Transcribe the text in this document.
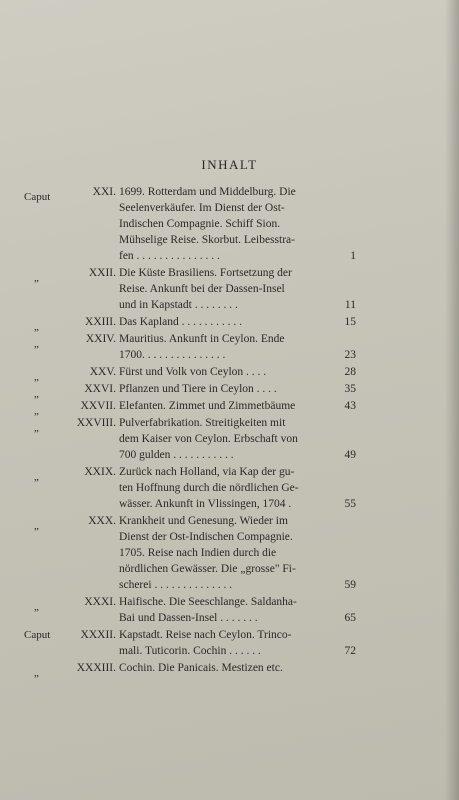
INHALT
Caput	XXI. 1699. Rotterdam und Middelburg. Die
Seelenverkäufer. Im Dienst der Ost-
Indischen Compagnie. Schiff Sion.
Mühselige Reise. Skorbut. Leibesstra-
fen . . . . . . . . . . . . . . .	1
„	XXII. Die Küste Brasiliens. Fortsetzung der
Reise. Ankunft bei der Dassen-Insel
und in Kapstadt . . . . . . . .	11
„	XXIII. Das Kapland . . . . . . . . . . .	15
„	XXIV. Mauritius. Ankunft in Ceylon. Ende
1700. . . . . . . . . . . . . . .	23
„	XXV. Fürst und Volk von Ceylon . . . .	28
„	XXVI. Pflanzen und Tiere in Ceylon . . . .	35
„	XXVII. Elefanten. Zimmet und Zimmetbäume	43
„	XXVIII. Pulverfabrikation. Streitigkeiten mit
dem Kaiser von Ceylon. Erbschaft von
700 gulden . . . . . . . . . . .	49
„	XXIX. Zurück nach Holland, via Kap der gu-
ten Hoffnung durch die nördlichen Ge-
wässer. Ankunft in Vlissingen, 1704 .	55
„	XXX. Krankheit und Genesung. Wieder im
Dienst der Ost-Indischen Compagnie.
1705. Reise nach Indien durch die
nördlichen Gewässer. Die „grosse" Fi-
scherei . . . . . . . . . . . . . .	59
„	XXXI. Haifische. Die Seeschlange. Saldanha-
Bai und Dassen-Insel . . . . . . .	65
Caput	XXXII. Kapstadt. Reise nach Ceylon. Trinco-
mali. Tuticorin. Cochin . . . . . .	72
„	XXXIII. Cochin. Die Panicais. Mestizen etc.
